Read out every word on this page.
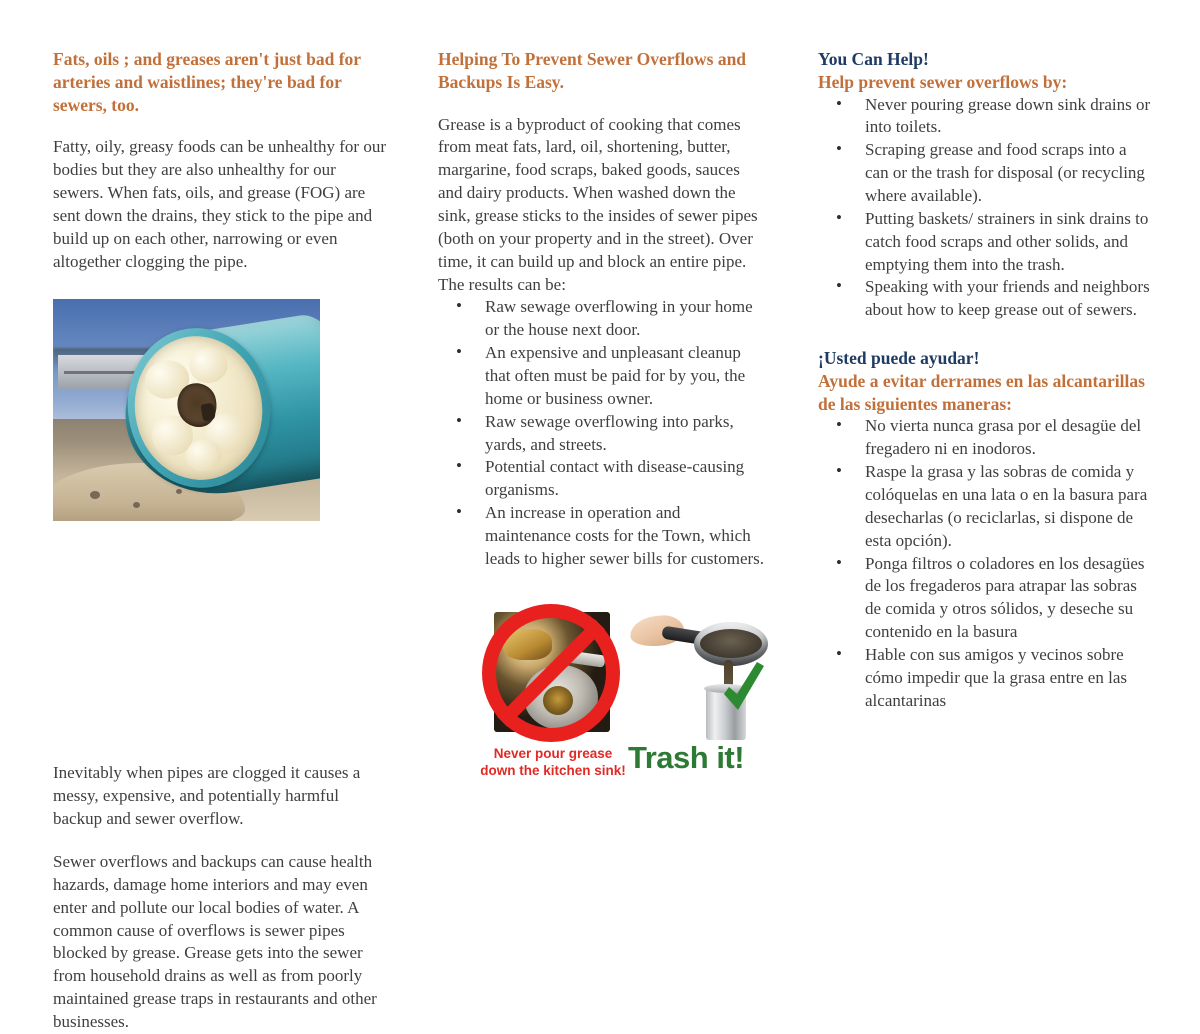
Fats, oils ; and greases aren't just bad for arteries and waistlines; they're bad for sewers, too.

Fatty, oily, greasy foods can be unhealthy for our bodies but they are also unhealthy for our sewers. When fats, oils, and grease (FOG) are sent down the drains, they stick to the pipe and build up on each other, narrowing or even altogether clogging the pipe.

Inevitably when pipes are clogged it causes a messy, expensive, and potentially harmful backup and sewer overflow.

Sewer overflows and backups can cause health hazards, damage home interiors and may even enter and pollute our local bodies of water. A common cause of overflows is sewer pipes blocked by grease. Grease gets into the sewer from household drains as well as from poorly maintained grease traps in restaurants and other businesses.

Helping To Prevent Sewer Overflows and Backups Is Easy.

Grease is a byproduct of cooking that comes from meat fats, lard, oil, shortening, butter, margarine, food scraps, baked goods, sauces and dairy products. When washed down the sink, grease sticks to the insides of sewer pipes (both on your property and in the street). Over time, it can build up and block an entire pipe.

The results can be:

• Raw sewage overflowing in your home or the house next door.
• An expensive and unpleasant cleanup that often must be paid for by you, the home or business owner.
• Raw sewage overflowing into parks, yards, and streets.
• Potential contact with disease-causing organisms.
• An increase in operation and maintenance costs for the Town, which leads to higher sewer bills for customers.
Never pour grease
down the kitchen sink! Trash it!
You Can Help!
Help prevent sewer overflows by:
• Never pouring grease down sink drains or into toilets.
• Scraping grease and food scraps into a can or the trash for disposal (or recycling where available).
• Putting baskets/ strainers in sink drains to catch food scraps and other solids, and emptying them into the trash.
• Speaking with your friends and neighbors about how to keep grease out of sewers.
¡Usted puede ayudar!
Ayude a evitar derrames en las alcantarillas de las siguientes maneras:
• No vierta nunca grasa por el desagüe del fregadero ni en inodoros.
• Raspe la grasa y las sobras de comida y colóquelas en una lata o en la basura para desecharlas (o reciclarlas, si dispone de esta opción).
• Ponga filtros o coladores en los desagües de los fregaderos para atrapar las sobras de comida y otros sólidos, y deseche su contenido en la basura
• Hable con sus amigos y vecinos sobre cómo impedir que la grasa entre en las alcantarinas
